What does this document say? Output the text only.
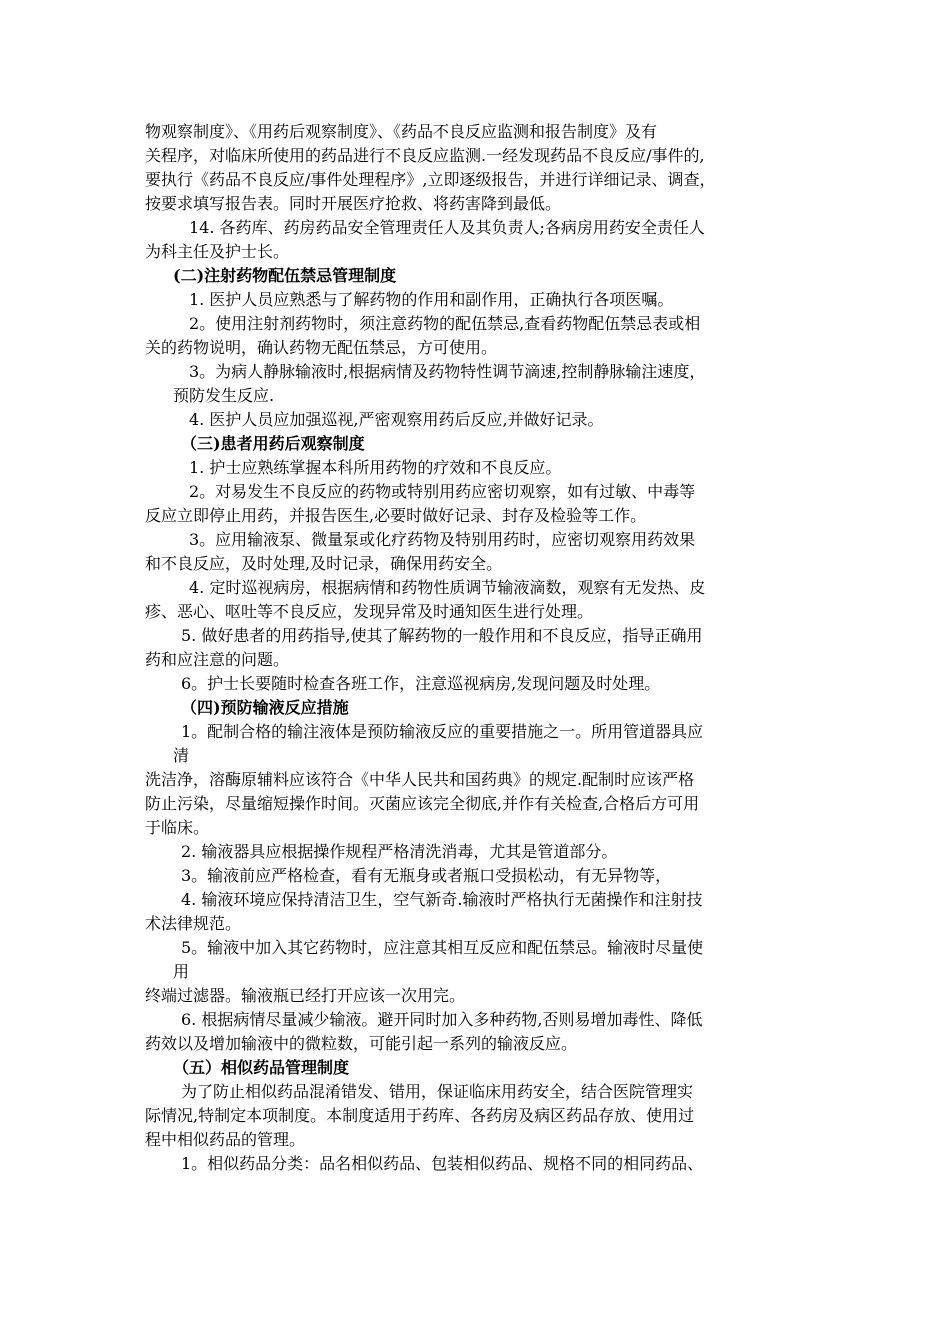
物观察制度》、《用药后观察制度》、《药品不良反应监测和报告制度》及有

关程序，对临床所使用的药品进行不良反应监测.一经发现药品不良反应/事件的,

要执行《药品不良反应/事件处理程序》,立即逐级报告，并进行详细记录、调查，

按要求填写报告表。同时开展医疗抢救、将药害降到最低。

14. 各药库、药房药品安全管理责任人及其负责人;各病房用药安全责任人

为科主任及护士长。

(二)注射药物配伍禁忌管理制度

1. 医护人员应熟悉与了解药物的作用和副作用，正确执行各项医嘱。

2。使用注射剂药物时，须注意药物的配伍禁忌,查看药物配伍禁忌表或相

关的药物说明，确认药物无配伍禁忌，方可使用。

3。为病人静脉输液时,根据病情及药物特性调节滴速,控制静脉输注速度，

预防发生反应.

4. 医护人员应加强巡视,严密观察用药后反应,并做好记录。

（三)患者用药后观察制度

1. 护士应熟练掌握本科所用药物的疗效和不良反应。

2。对易发生不良反应的药物或特别用药应密切观察，如有过敏、中毒等

反应立即停止用药，并报告医生,必要时做好记录、封存及检验等工作。

3。应用输液泵、微量泵或化疗药物及特别用药时，应密切观察用药效果

和不良反应，及时处理,及时记录，确保用药安全。

4. 定时巡视病房，根据病情和药物性质调节输液滴数，观察有无发热、皮

疹、恶心、呕吐等不良反应，发现异常及时通知医生进行处理。

5. 做好患者的用药指导,使其了解药物的一般作用和不良反应，指导正确用

药和应注意的问题。

6。护士长要随时检查各班工作，注意巡视病房,发现问题及时处理。

（四)预防输液反应措施

1。配制合格的输注液体是预防输液反应的重要措施之一。所用管道器具应

清

洗洁净，溶酶原辅料应该符合《中华人民共和国药典》的规定.配制时应该严格

防止污染，尽量缩短操作时间。灭菌应该完全彻底,并作有关检查,合格后方可用

于临床。

2. 输液器具应根据操作规程严格清洗消毒，尤其是管道部分。

3。输液前应严格检查，看有无瓶身或者瓶口受损松动，有无异物等，

4. 输液环境应保持清洁卫生，空气新奇.输液时严格执行无菌操作和注射技

术法律规范。

5。输液中加入其它药物时，应注意其相互反应和配伍禁忌。输液时尽量使

用

终端过滤器。输液瓶已经打开应该一次用完。

6. 根据病情尽量减少输液。避开同时加入多种药物,否则易增加毒性、降低

药效以及增加输液中的微粒数，可能引起一系列的输液反应。

（五）相似药品管理制度

为了防止相似药品混淆错发、错用，保证临床用药安全，结合医院管理实

际情况,特制定本项制度。本制度适用于药库、各药房及病区药品存放、使用过

程中相似药品的管理。

1。相似药品分类：品名相似药品、包装相似药品、规格不同的相同药品、
